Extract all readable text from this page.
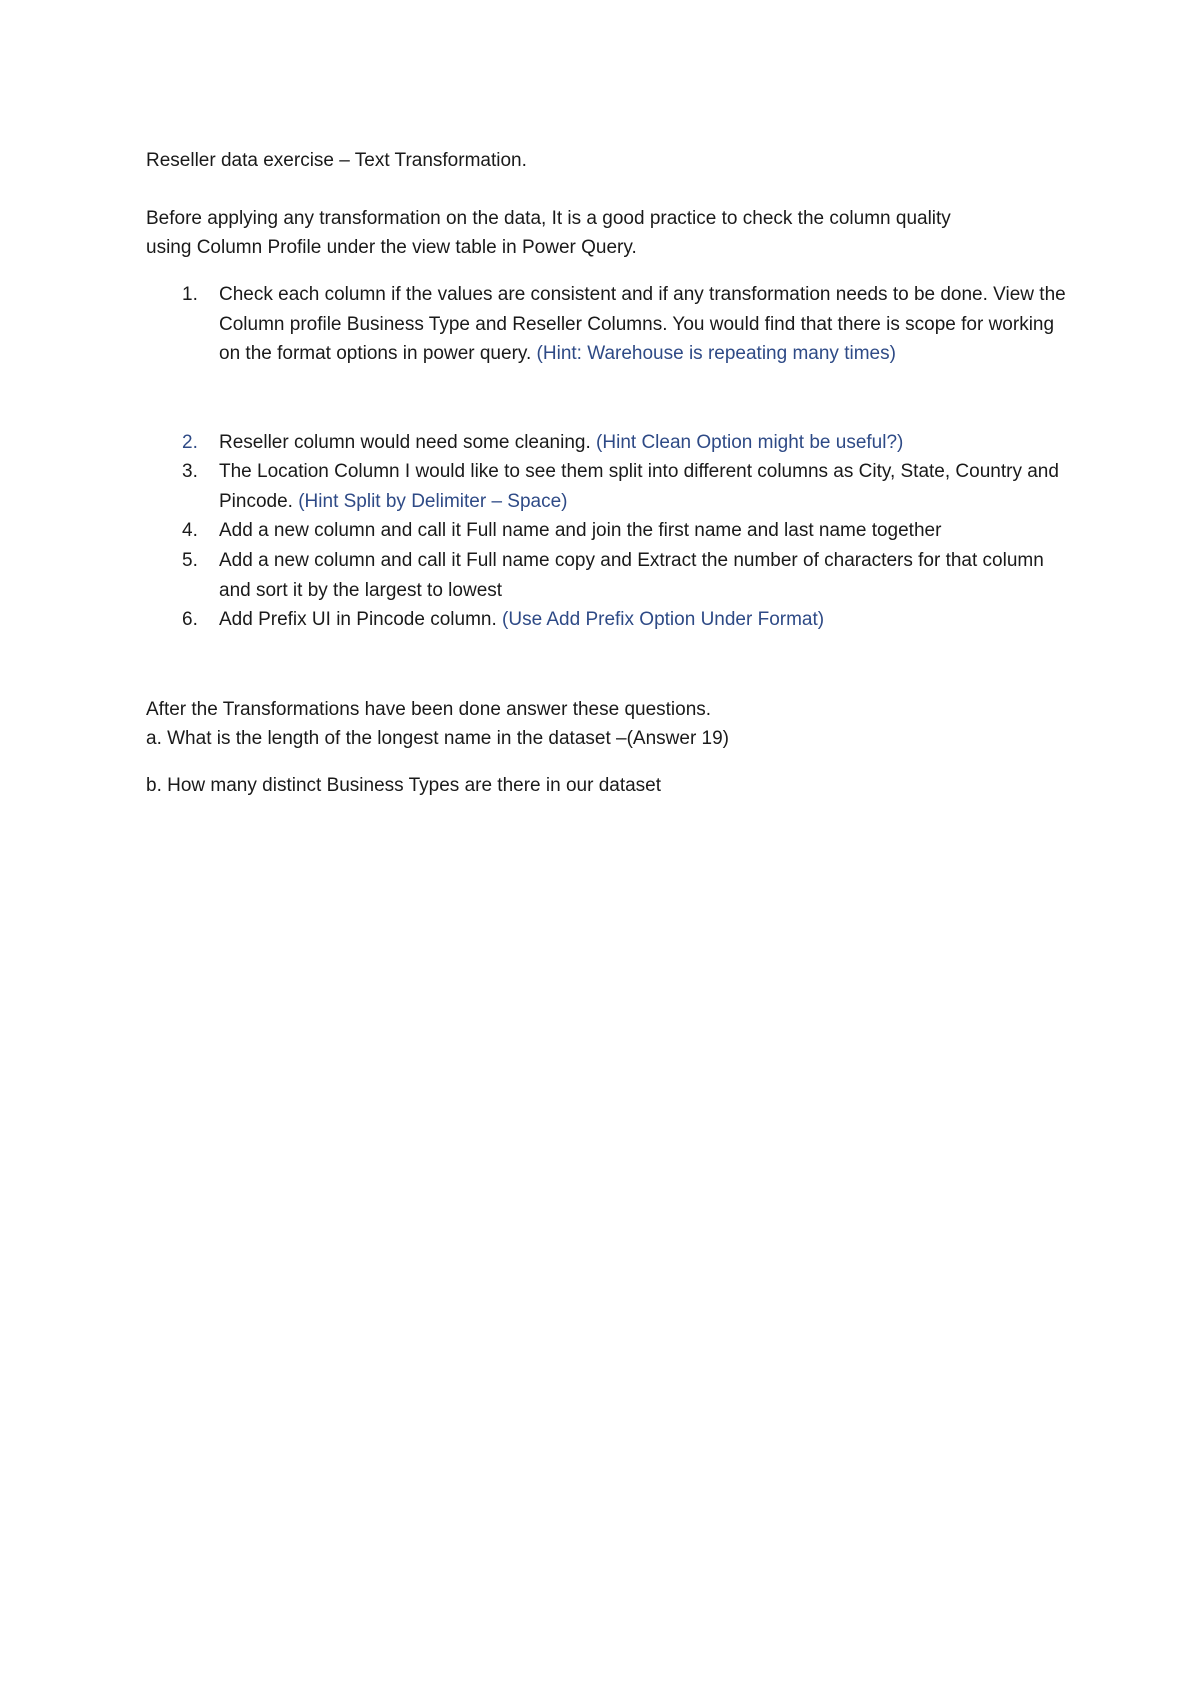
Reseller data exercise – Text Transformation.
Before applying any transformation on the data, It is a good practice to check the column quality
using Column Profile under the view table in Power Query.
1.	Check each column if the values are consistent and if any transformation needs to be done. View the Column profile Business Type and Reseller Columns. You would find that there is scope for working on the format options in power query. (Hint: Warehouse is repeating many times)
2.	Reseller column would need some cleaning. (Hint Clean Option might be useful?)
3.	The Location Column I would like to see them split into different columns as City, State, Country and Pincode. (Hint Split by Delimiter – Space)
4.	Add a new column and call it Full name and join the first name and last name together
5.	Add a new column and call it Full name copy and Extract the number of characters for that column and sort it by the largest to lowest
6.	Add Prefix UI in Pincode column. (Use Add Prefix Option Under Format)
After the Transformations have been done answer these questions.
a. What is the length of the longest name in the dataset –(Answer 19)
b. How many distinct Business Types are there in our dataset
